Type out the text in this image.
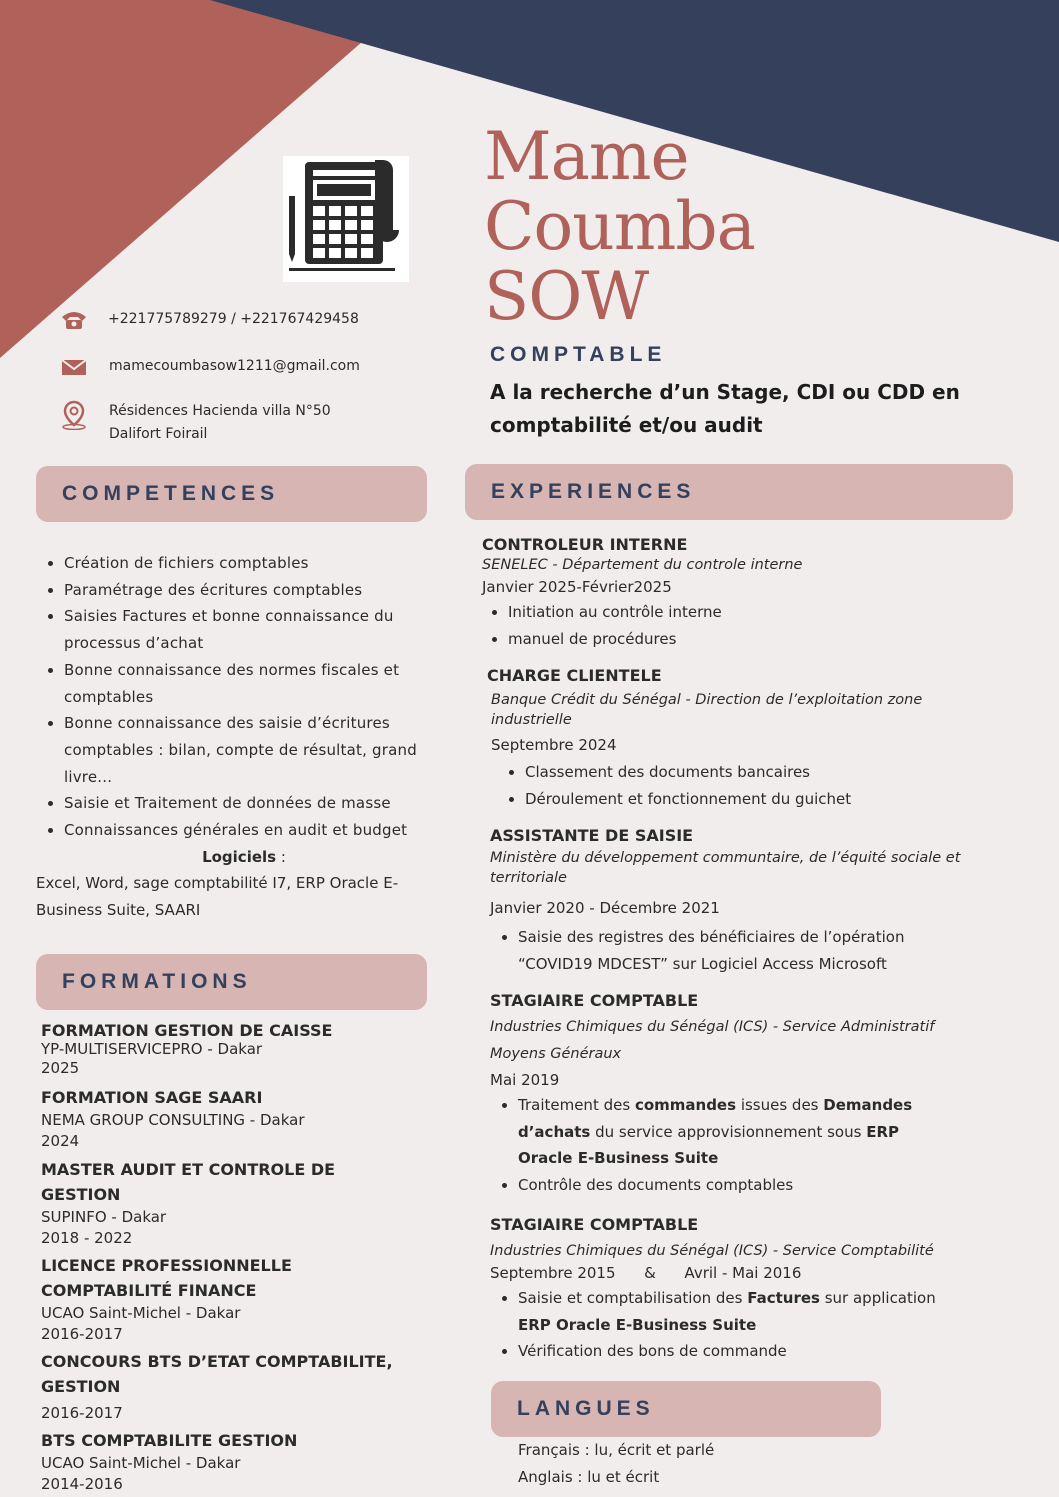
Mame
Coumba
SOW
COMPTABLE
A la recherche d’un Stage, CDI ou CDD en comptabilité et/ou audit
+221775789279 / +221767429458
mamecoumbasow1211@gmail.com
Résidences Hacienda villa N°50
Dalifort Foirail
COMPETENCES
• Création de fichiers comptables
• Paramétrage des écritures comptables
• Saisies Factures et bonne connaissance du processus d’achat
• Bonne connaissance des normes fiscales et comptables
• Bonne connaissance des saisie d’écritures comptables : bilan, compte de résultat, grand livre...
• Saisie et Traitement de données de masse
• Connaissances générales en audit et budget
Logiciels :
Excel, Word, sage comptabilité I7, ERP Oracle E-Business Suite, SAARI
FORMATIONS
FORMATION GESTION DE CAISSE
YP-MULTISERVICEPRO - Dakar
2025
FORMATION SAGE SAARI
NEMA GROUP CONSULTING - Dakar
2024
MASTER AUDIT ET CONTROLE DE GESTION
SUPINFO - Dakar
2018 - 2022
LICENCE PROFESSIONNELLE COMPTABILITÉ FINANCE
UCAO Saint-Michel - Dakar
2016-2017
CONCOURS BTS D’ETAT COMPTABILITE, GESTION
2016-2017
BTS COMPTABILITE GESTION
UCAO Saint-Michel - Dakar
2014-2016
EXPERIENCES
CONTROLEUR INTERNE
SENELEC - Département du controle interne
Janvier 2025-Février2025
• Initiation au contrôle interne
• manuel de procédures
CHARGE CLIENTELE
Banque Crédit du Sénégal - Direction de l’exploitation zone industrielle
Septembre 2024
• Classement des documents bancaires
• Déroulement et fonctionnement du guichet
ASSISTANTE DE SAISIE
Ministère du développement communtaire, de l’équité sociale et territoriale
Janvier 2020 - Décembre 2021
• Saisie des registres des bénéficiaires de l’opération “COVID19 MDCEST” sur Logiciel Access Microsoft
STAGIAIRE COMPTABLE
Industries Chimiques du Sénégal (ICS) - Service Administratif
Moyens Généraux
Mai 2019
• Traitement des commandes issues des Demandes d’achats du service approvisionnement sous ERP Oracle E-Business Suite
• Contrôle des documents comptables
STAGIAIRE COMPTABLE
Industries Chimiques du Sénégal (ICS) - Service Comptabilité
Septembre 2015      &      Avril - Mai 2016
• Saisie et comptabilisation des Factures sur application ERP Oracle E-Business Suite
• Vérification des bons de commande
LANGUES
Français : lu, écrit et parlé
Anglais : lu et écrit
